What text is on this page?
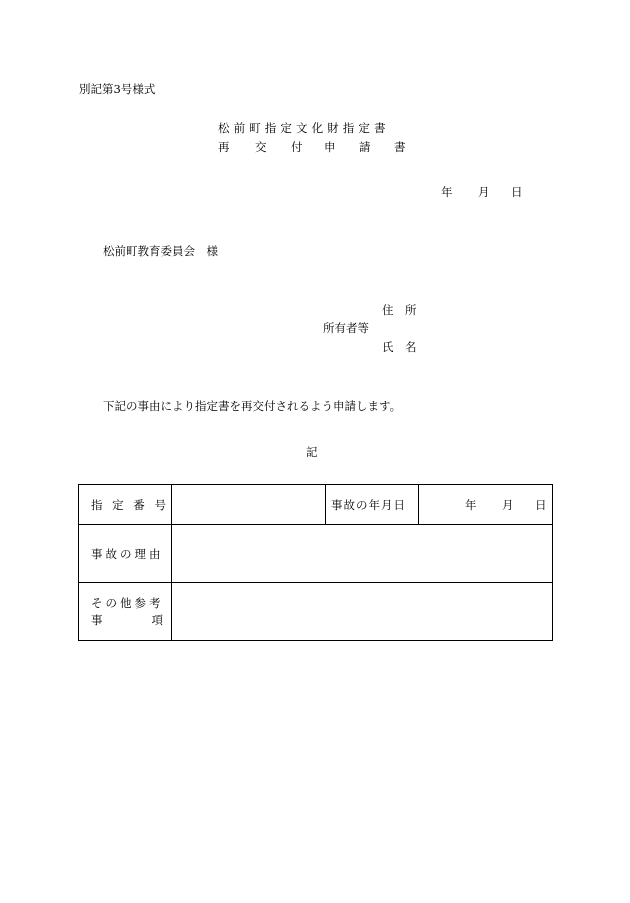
別記第3号様式
松前町指定文化財指定書
再 交 付 申 請 書
年 月 日
松前町教育委員会　様
住　所
所有者等
氏　名
下記の事由により指定書を再交付されるよう申請します。
記
指 定 番 号		事故の年月日	年 月 日

事故の理由			

その他参考
事 項			
